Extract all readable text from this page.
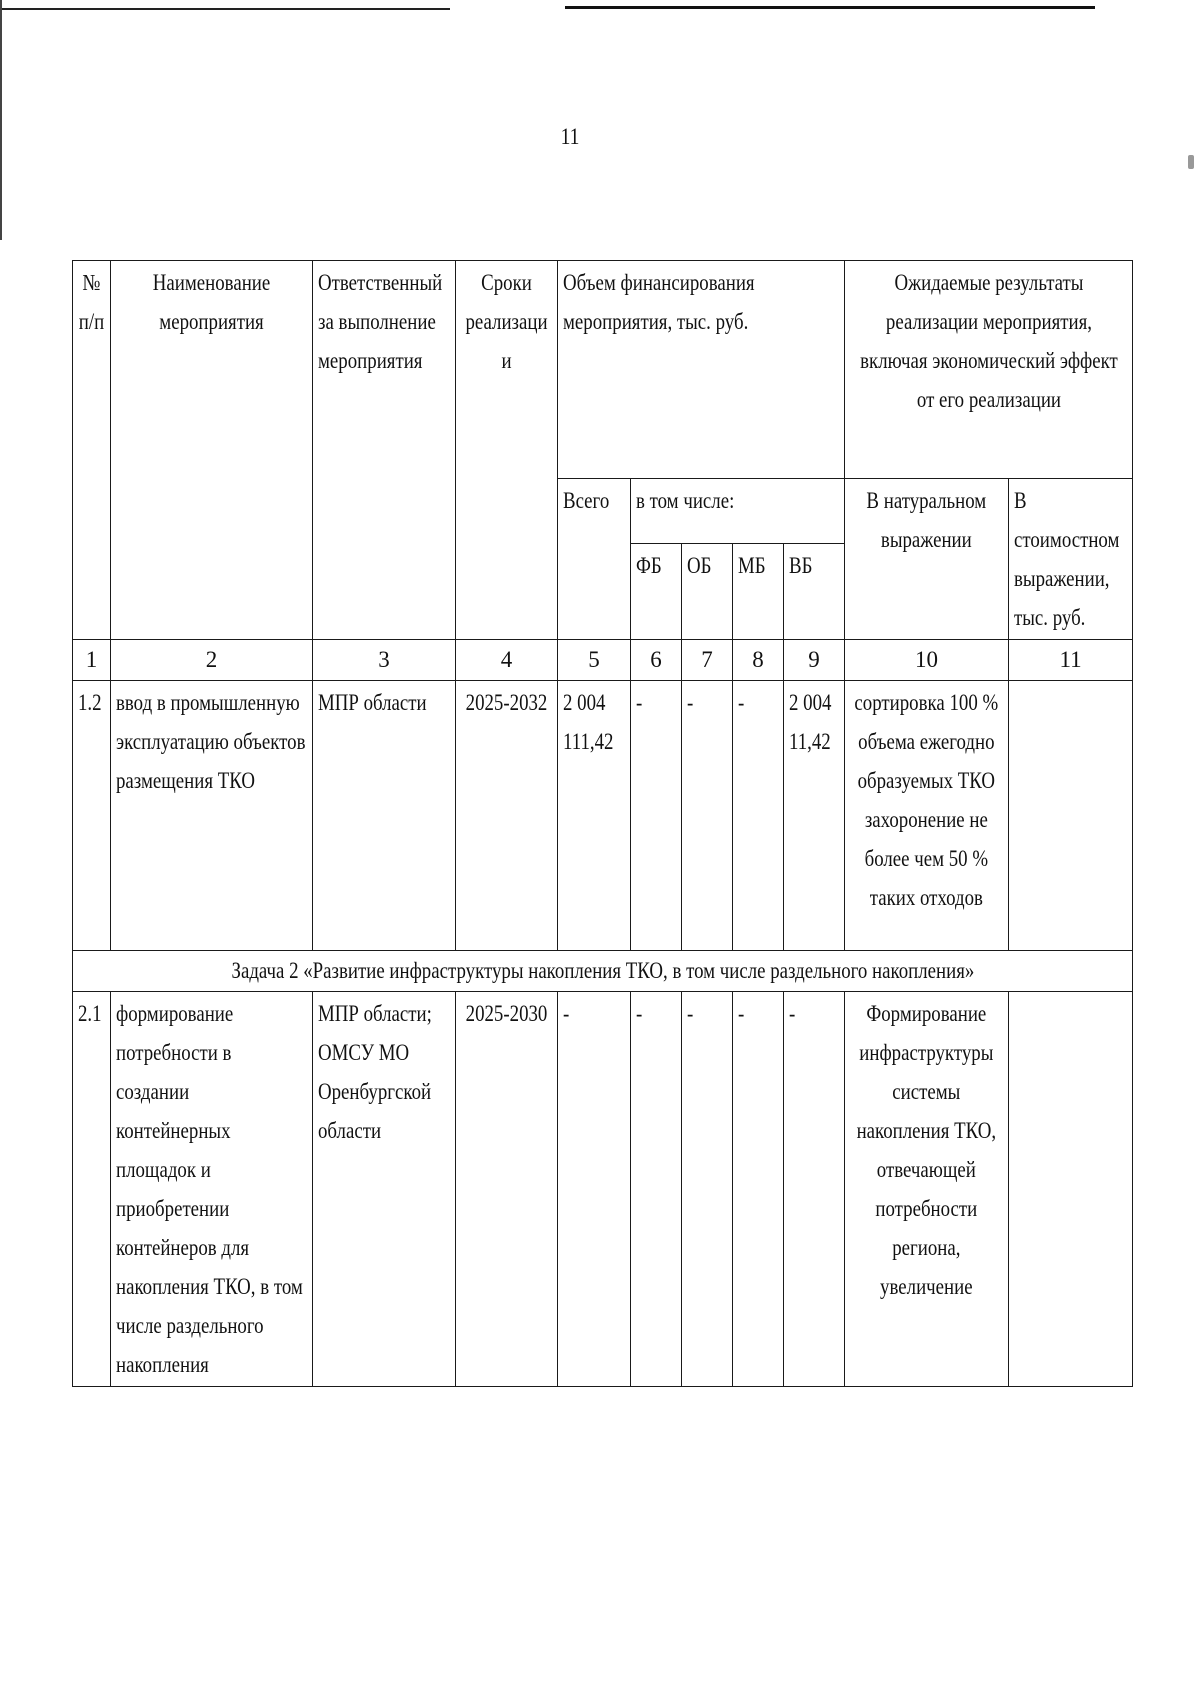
11
№ п/п	Наименование мероприятия	Ответственный за выполнение мероприятия	Сроки реализации	Объем финансирования мероприятия, тыс. руб.					Ожидаемые результаты реализации мероприятия, включая экономический эффект от его реализации	
				Всего	в том числе:				В натуральном выражении	В стоимостном выражении, тыс. руб.
					ФБ	ОБ	МБ	ВБ		
1	2	3	4	5	6	7	8	9	10	11
1.2	ввод в промышленную эксплуатацию объектов размещения ТКО	МПР области	2025-2032	2 004 111,42	-	-	-	2 004 11,42	сортировка 100 % объема ежегодно образуемых ТКО захоронение не более чем 50 % таких отходов	
Задача 2 «Развитие инфраструктуры накопления ТКО, в том числе раздельного накопления»										
2.1	формирование потребности в создании контейнерных площадок и приобретении контейнеров для накопления ТКО, в том числе раздельного накопления	МПР области; ОМСУ МО Оренбургской области	2025-2030	-	-	-	-	-	Формирование инфраструктуры системы накопления ТКО, отвечающей потребности региона, увеличение	
